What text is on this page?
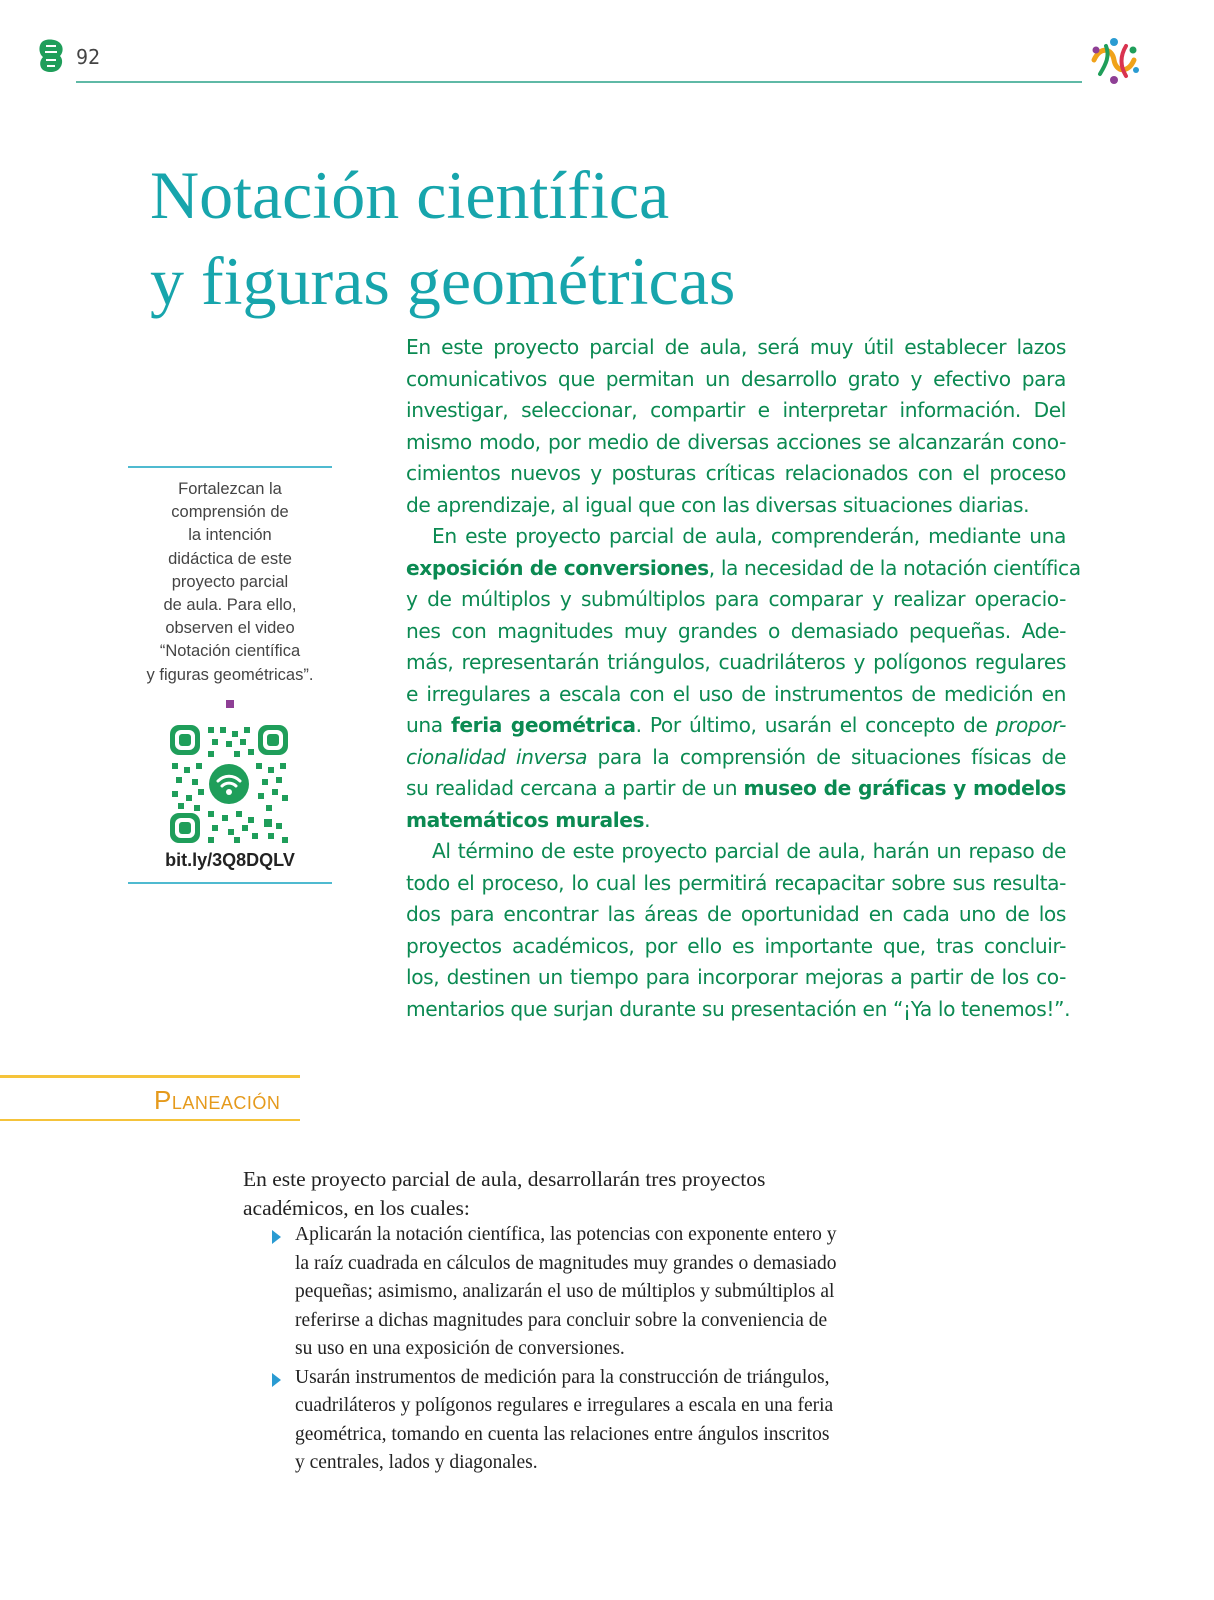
92
Notación científica
y figuras geométricas
Fortalezcan la
comprensión de
la intención
didáctica de este
proyecto parcial
de aula. Para ello,
observen el video
“Notación científica
y figuras geométricas”.
bit.ly/3Q8DQLV

En este proyecto parcial de aula, será muy útil establecer lazos
comunicativos que permitan un desarrollo grato y efectivo para
investigar, seleccionar, compartir e interpretar información. Del
mismo modo, por medio de diversas acciones se alcanzarán cono-
cimientos nuevos y posturas críticas relacionados con el proceso
de aprendizaje, al igual que con las diversas situaciones diarias.

En este proyecto parcial de aula, comprenderán, mediante una
exposición de conversiones, la necesidad de la notación científica
y de múltiplos y submúltiplos para comparar y realizar operacio-
nes con magnitudes muy grandes o demasiado pequeñas. Ade-
más, representarán triángulos, cuadriláteros y polígonos regulares
e irregulares a escala con el uso de instrumentos de medición en
una feria geométrica. Por último, usarán el concepto de propor-
cionalidad inversa para la comprensión de situaciones físicas de
su realidad cercana a partir de un museo de gráficas y modelos
matemáticos murales.

Al término de este proyecto parcial de aula, harán un repaso de
todo el proceso, lo cual les permitirá recapacitar sobre sus resulta-
dos para encontrar las áreas de oportunidad en cada uno de los
proyectos académicos, por ello es importante que, tras concluir-
los, destinen un tiempo para incorporar mejoras a partir de los co-
mentarios que surjan durante su presentación en “¡Ya lo tenemos!”.

Planeación
En este proyecto parcial de aula, desarrollarán tres proyectos
académicos, en los cuales:
Aplicarán la notación científica, las potencias con exponente entero y
la raíz cuadrada en cálculos de magnitudes muy grandes o demasiado
pequeñas; asimismo, analizarán el uso de múltiplos y submúltiplos al
referirse a dichas magnitudes para concluir sobre la conveniencia de
su uso en una exposición de conversiones.
Usarán instrumentos de medición para la construcción de triángulos,
cuadriláteros y polígonos regulares e irregulares a escala en una feria
geométrica, tomando en cuenta las relaciones entre ángulos inscritos
y centrales, lados y diagonales.
